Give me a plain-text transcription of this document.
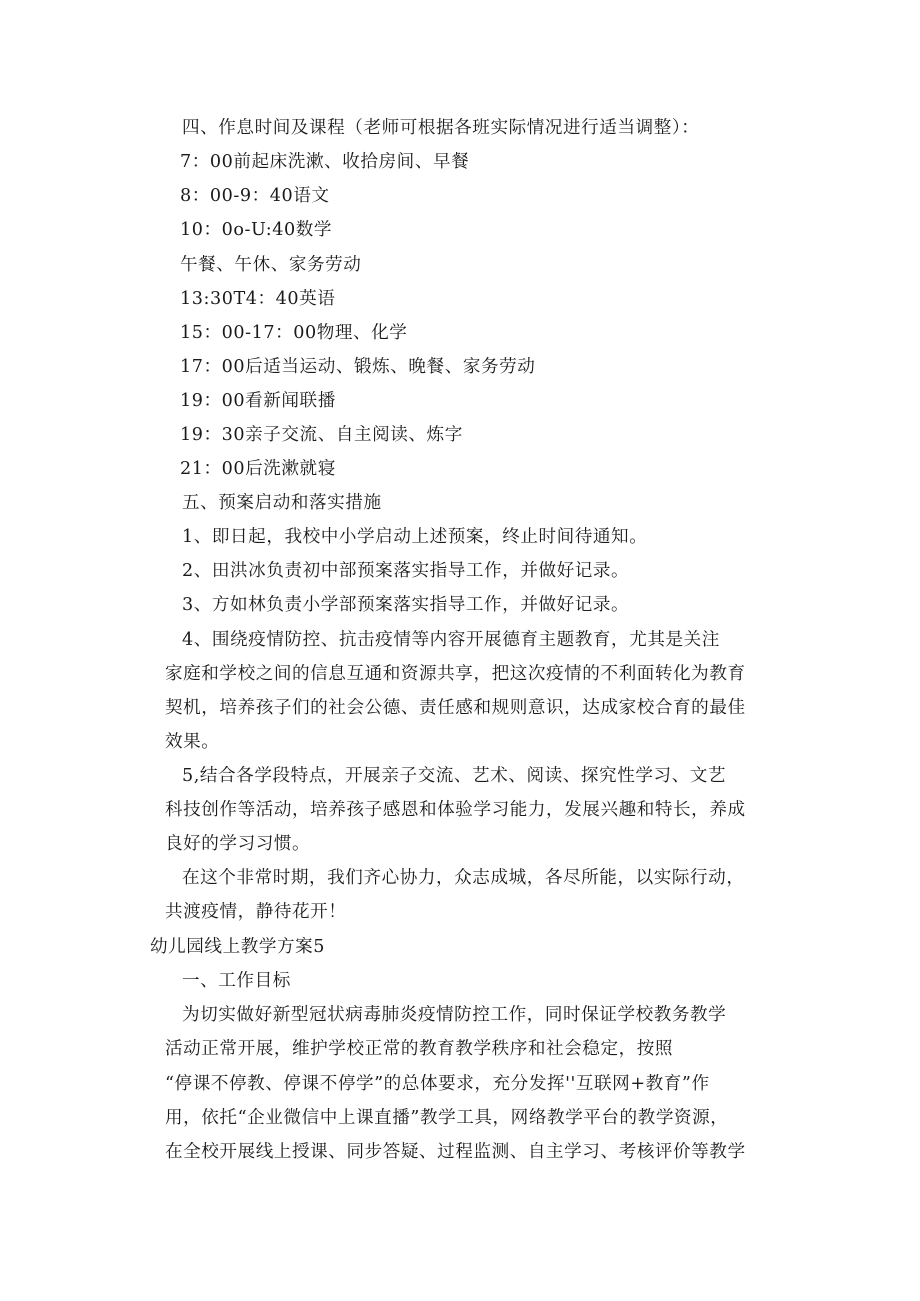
四、作息时间及课程（老师可根据各班实际情况进行适当调整）：
7：00前起床洗漱、收拾房间、早餐
8：00-9：40语文
10：0o-U:40数学
午餐、午休、家务劳动
13:30T4：40英语
15：00-17：00物理、化学
17：00后适当运动、锻炼、晚餐、家务劳动
19：00看新闻联播
19：30亲子交流、自主阅读、炼字
21：00后洗漱就寝
五、预案启动和落实措施
1、即日起，我校中小学启动上述预案，终止时间待通知。
2、田洪冰负责初中部预案落实指导工作，并做好记录。
3、方如林负责小学部预案落实指导工作，并做好记录。
4、围绕疫情防控、抗击疫情等内容开展德育主题教育，尤其是关注
家庭和学校之间的信息互通和资源共享，把这次疫情的不利面转化为教育
契机，培养孩子们的社会公德、责任感和规则意识，达成家校合育的最佳
效果。
5,结合各学段特点，开展亲子交流、艺术、阅读、探究性学习、文艺
科技创作等活动，培养孩子感恩和体验学习能力，发展兴趣和特长，养成
良好的学习习惯。
在这个非常时期，我们齐心协力，众志成城，各尽所能，以实际行动，
共渡疫情，静待花开！
幼儿园线上教学方案5
一、工作目标
为切实做好新型冠状病毒肺炎疫情防控工作，同时保证学校教务教学
活动正常开展，维护学校正常的教育教学秩序和社会稳定，按照
“停课不停教、停课不停学”的总体要求，充分发挥''互联网+教育”作
用，依托“企业微信中上课直播”教学工具，网络教学平台的教学资源，
在全校开展线上授课、同步答疑、过程监测、自主学习、考核评价等教学
